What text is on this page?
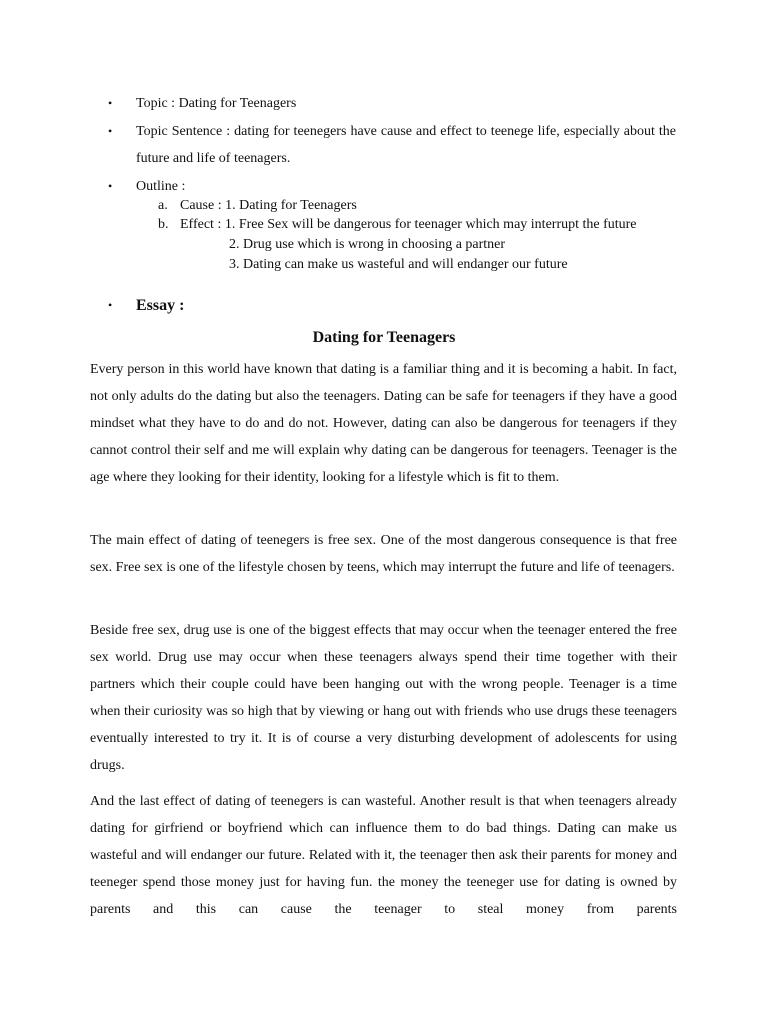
•	Topic : Dating for Teenagers
•	Topic Sentence : dating for teenegers have cause and effect to teenege life, especially about the future and life of teenagers.
•	Outline :
a. Cause : 1. Dating for Teenagers
b. Effect : 1. Free Sex will be dangerous for teenager which may interrupt the future
2. Drug use which is wrong in choosing a partner
3. Dating can make us wasteful and will endanger our future
•	Essay :
Dating for Teenagers

Every person in this world have known that dating is a familiar thing and it is becoming a habit. In fact, not only adults do the dating but also the teenagers. Dating can be safe for teenagers if they have a good mindset what they have to do and do not. However, dating can also be dangerous for teenagers if they cannot control their self and me will explain why dating can be dangerous for teenagers. Teenager is the age where they looking for their identity, looking for a lifestyle which is fit to them.

The main effect of dating of teenegers is free sex. One of the most dangerous consequence is that free sex. Free sex is one of the lifestyle chosen by teens, which may interrupt the future and life of teenagers.

Beside free sex, drug use is one of the biggest effects that may occur when the teenager entered the free sex world. Drug use may occur when these teenagers always spend their time together with their partners which their couple could have been hanging out with the wrong people. Teenager is a time when their curiosity was so high that by viewing or hang out with friends who use drugs these teenagers eventually interested to try it. It is of course a very disturbing development of adolescents for using drugs.

And the last effect of dating of teenegers is can wasteful. Another result is that when teenagers already dating for girfriend or boyfriend which can influence them to do bad things. Dating can make us wasteful and will endanger our future. Related with it, the teenager then ask their parents for money and teeneger spend those money just for having fun. the money the teeneger use for dating is owned by parents and this can cause the teenager to steal money from parents
